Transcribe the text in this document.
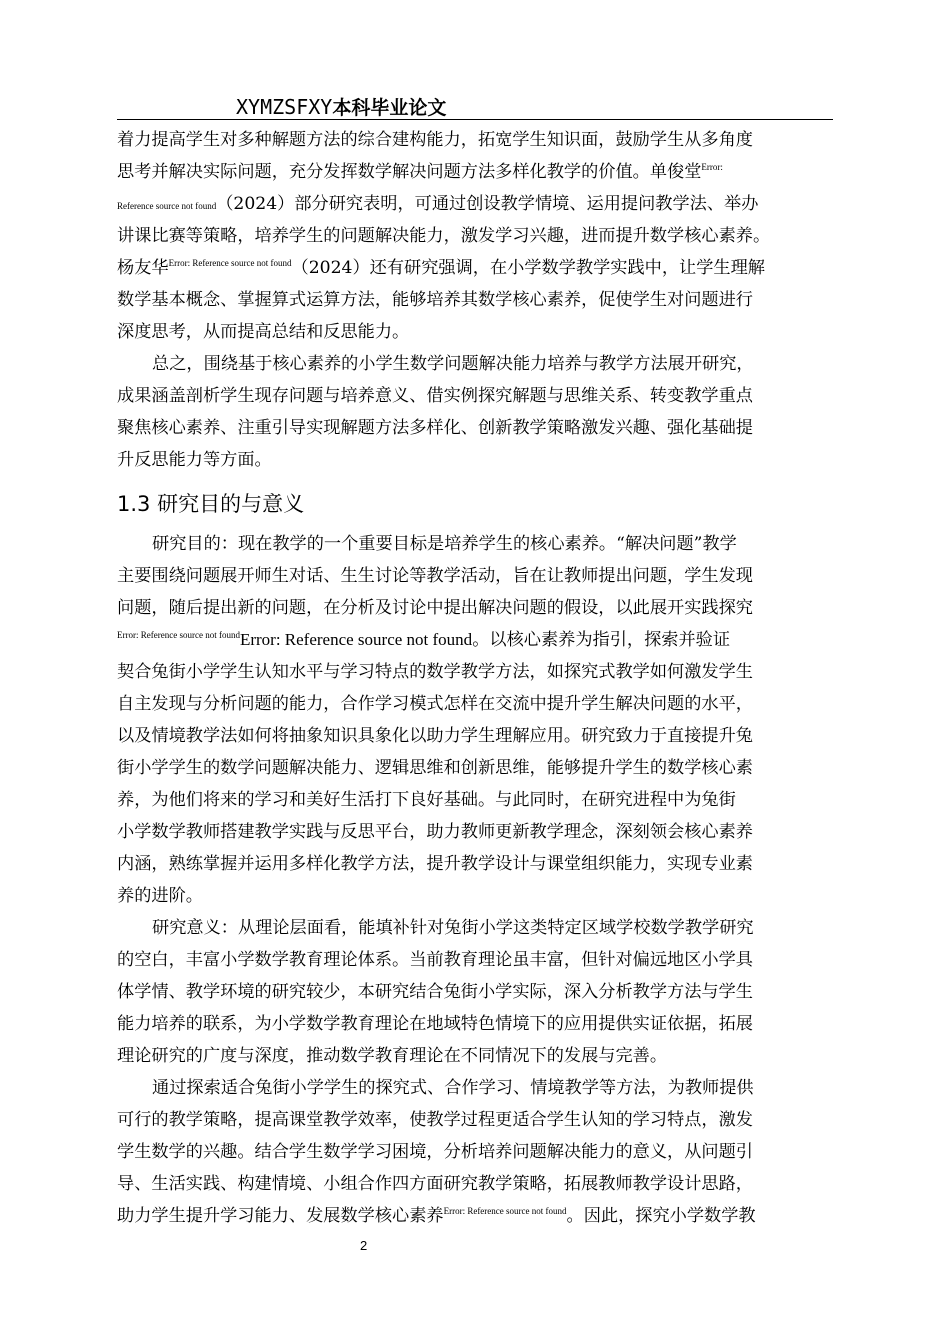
XYMZSFXY本科毕业论文
着力提高学生对多种解题方法的综合建构能力，拓宽学生知识面，鼓励学生从多角度
思考并解决实际问题，充分发挥数学解决问题方法多样化教学的价值。单俊堂$^{Error:}$
Reference source not found（2024）部分研究表明，可通过创设教学情境、运用提问教学法、举办
讲课比赛等策略，培养学生的问题解决能力，激发学习兴趣，进而提升数学核心素养。
杨友华$^{Error: Reference source not found}$（2024）还有研究强调，在小学数学教学实践中，让学生理解
数学基本概念、掌握算式运算方法，能够培养其数学核心素养，促使学生对问题进行
深度思考，从而提高总结和反思能力。
总之，围绕基于核心素养的小学生数学问题解决能力培养与教学方法展开研究，
成果涵盖剖析学生现存问题与培养意义、借实例探究解题与思维关系、转变教学重点
聚焦核心素养、注重引导实现解题方法多样化、创新教学策略激发兴趣、强化基础提
升反思能力等方面。
1.3 研究目的与意义
研究目的：现在教学的一个重要目标是培养学生的核心素养。“解决问题”教学
主要围绕问题展开师生对话、生生讨论等教学活动，旨在让教师提出问题，学生发现
问题，随后提出新的问题，在分析及讨论中提出解决问题的假设，以此展开实践探究
$^{Error: Reference source not found}$Error: Reference source not found。以核心素养为指引，探索并验证
契合兔街小学学生认知水平与学习特点的数学教学方法，如探究式教学如何激发学生
自主发现与分析问题的能力，合作学习模式怎样在交流中提升学生解决问题的水平，
以及情境教学法如何将抽象知识具象化以助力学生理解应用。研究致力于直接提升兔
街小学学生的数学问题解决能力、逻辑思维和创新思维，能够提升学生的数学核心素
养，为他们将来的学习和美好生活打下良好基础。与此同时，在研究进程中为兔街
小学数学教师搭建教学实践与反思平台，助力教师更新教学理念，深刻领会核心素养
内涵，熟练掌握并运用多样化教学方法，提升教学设计与课堂组织能力，实现专业素
养的进阶。
研究意义：从理论层面看，能填补针对兔街小学这类特定区域学校数学教学研究
的空白，丰富小学数学教育理论体系。当前教育理论虽丰富，但针对偏远地区小学具
体学情、教学环境的研究较少，本研究结合兔街小学实际，深入分析教学方法与学生
能力培养的联系，为小学数学教育理论在地域特色情境下的应用提供实证依据，拓展
理论研究的广度与深度，推动数学教育理论在不同情况下的发展与完善。
通过探索适合兔街小学学生的探究式、合作学习、情境教学等方法，为教师提供
可行的教学策略，提高课堂教学效率，使教学过程更适合学生认知的学习特点，激发
学生数学的兴趣。结合学生数学学习困境，分析培养问题解决能力的意义，从问题引
导、生活实践、构建情境、小组合作四方面研究教学策略，拓展教师教学设计思路，
助力学生提升学习能力、发展数学核心素养$^{Error: Reference source not found}$。因此，探究小学数学教
2
